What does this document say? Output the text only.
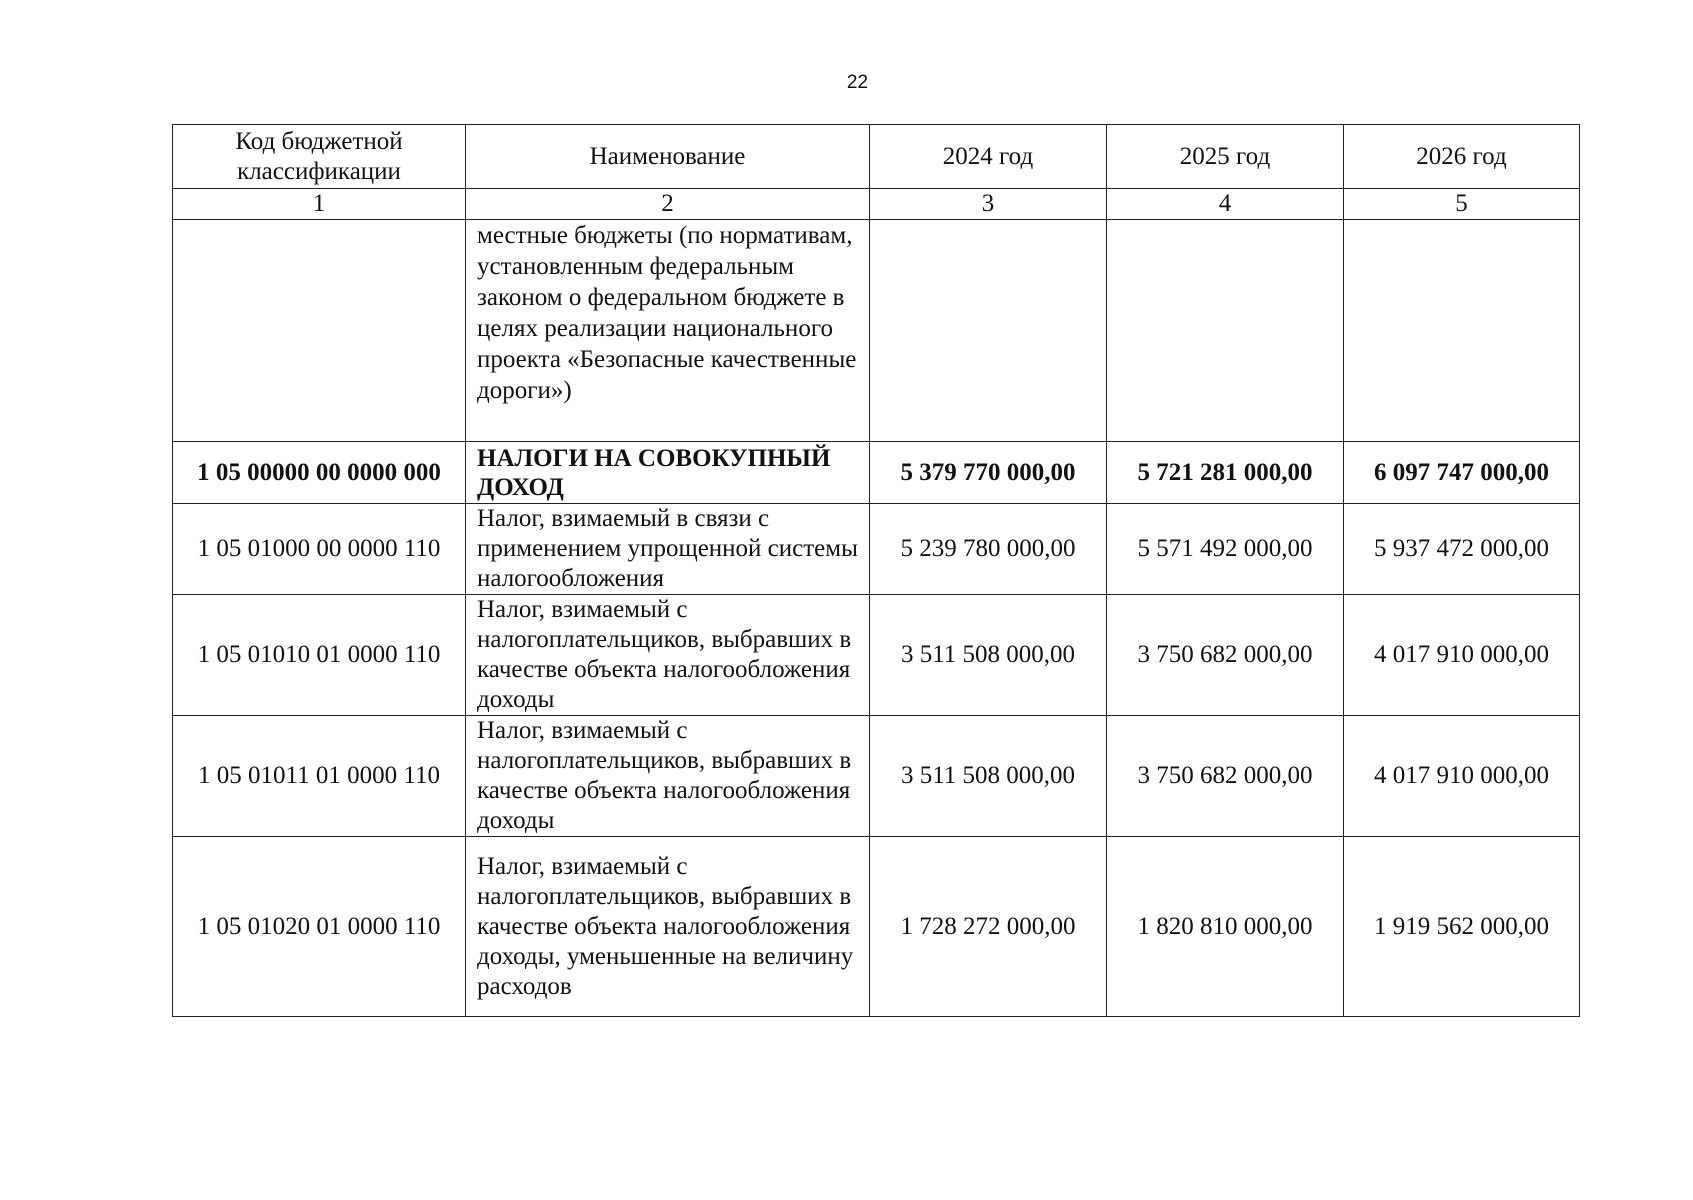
22
Код бюджетной классификации	Наименование	2024 год	2025 год	2026 год
1	2	3	4	5
	местные бюджеты (по нормативам, установленным федеральным законом о федеральном бюджете в целях реализации национального проекта «Безопасные качественные дороги»)			
1 05 00000 00 0000 000	НАЛОГИ НА СОВОКУПНЫЙ ДОХОД	5 379 770 000,00	5 721 281 000,00	6 097 747 000,00
1 05 01000 00 0000 110	Налог, взимаемый в связи с применением упрощенной системы налогообложения	5 239 780 000,00	5 571 492 000,00	5 937 472 000,00
1 05 01010 01 0000 110	Налог, взимаемый с налогоплательщиков, выбравших в качестве объекта налогообложения доходы	3 511 508 000,00	3 750 682 000,00	4 017 910 000,00
1 05 01011 01 0000 110	Налог, взимаемый с налогоплательщиков, выбравших в качестве объекта налогообложения доходы	3 511 508 000,00	3 750 682 000,00	4 017 910 000,00
1 05 01020 01 0000 110	Налог, взимаемый с налогоплательщиков, выбравших в качестве объекта налогообложения доходы, уменьшенные на величину расходов	1 728 272 000,00	1 820 810 000,00	1 919 562 000,00
